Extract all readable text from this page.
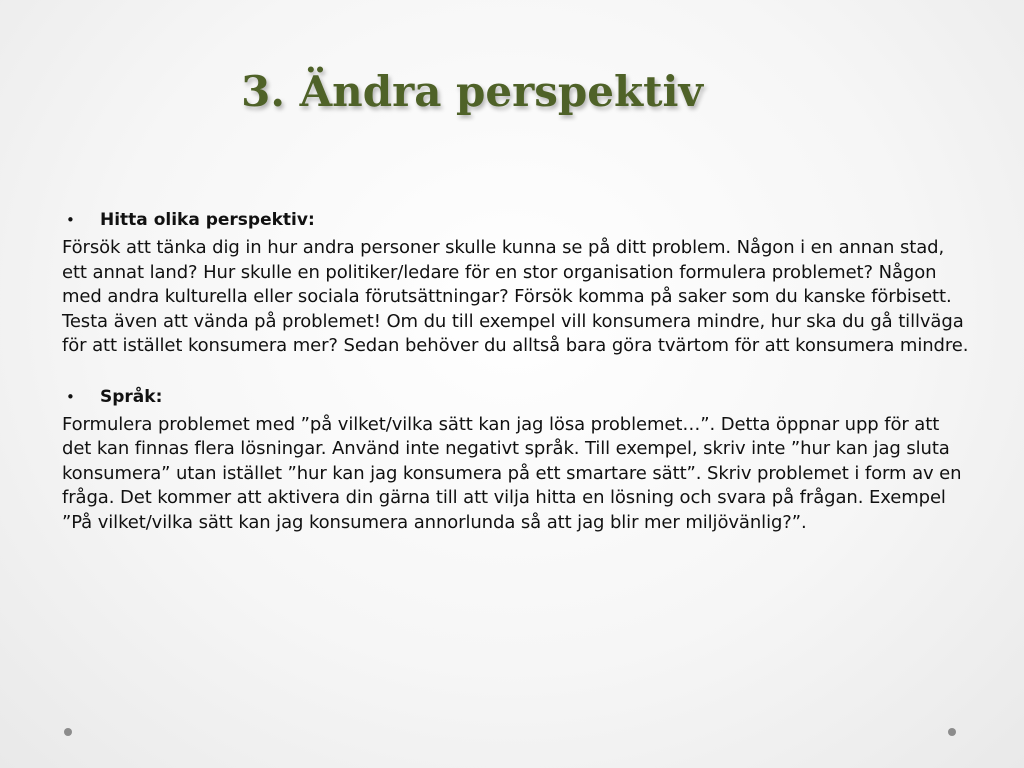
3. Ändra perspektiv
•	Hitta olika perspektiv:

Försök att tänka dig in hur andra personer skulle kunna se på ditt problem. Någon i en annan stad, ett annat land? Hur skulle en politiker/ledare för en stor organisation formulera problemet? Någon med andra kulturella eller sociala förutsättningar? Försök komma på saker som du kanske förbisett. Testa även att vända på problemet! Om du till exempel vill konsumera mindre, hur ska du gå tillväga för att istället konsumera mer? Sedan behöver du alltså bara göra tvärtom för att konsumera mindre.

•	Språk:

Formulera problemet med ”på vilket/vilka sätt kan jag lösa problemet…”. Detta öppnar upp för att det kan finnas flera lösningar. Använd inte negativt språk. Till exempel, skriv inte ”hur kan jag sluta konsumera” utan istället ”hur kan jag konsumera på ett smartare sätt”. Skriv problemet i form av en fråga. Det kommer att aktivera din gärna till att vilja hitta en lösning och svara på frågan. Exempel ”På vilket/vilka sätt kan jag konsumera annorlunda så att jag blir mer miljövänlig?”.
